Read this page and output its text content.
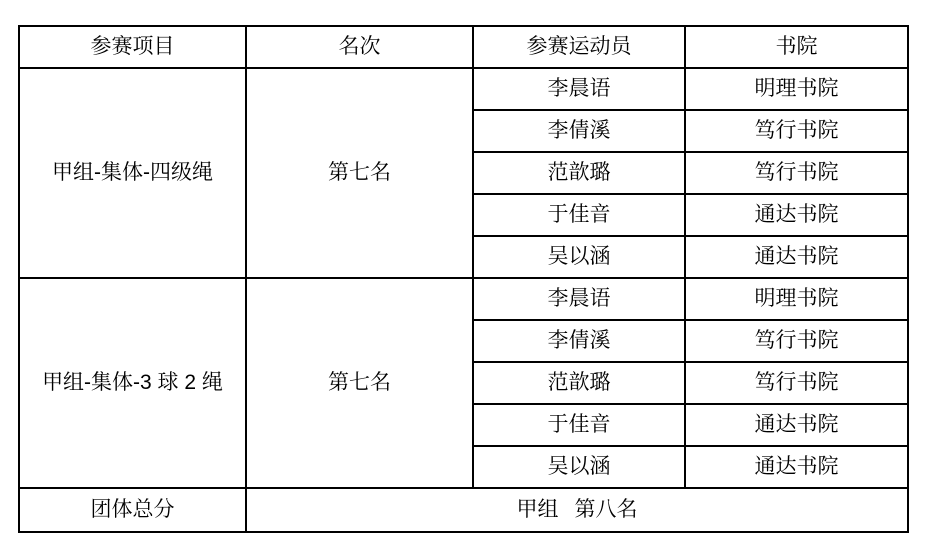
参赛项目	名次	参赛运动员	书院
甲组-集体-四级绳	第七名	李晨语	明理书院
		李倩溪	笃行书院
		范歆璐	笃行书院
		于佳音	通达书院
		吴以涵	通达书院
甲组-集体-3 球 2 绳	第七名	李晨语	明理书院
		李倩溪	笃行书院
		范歆璐	笃行书院
		于佳音	通达书院
		吴以涵	通达书院
团体总分	甲组 第八名		
